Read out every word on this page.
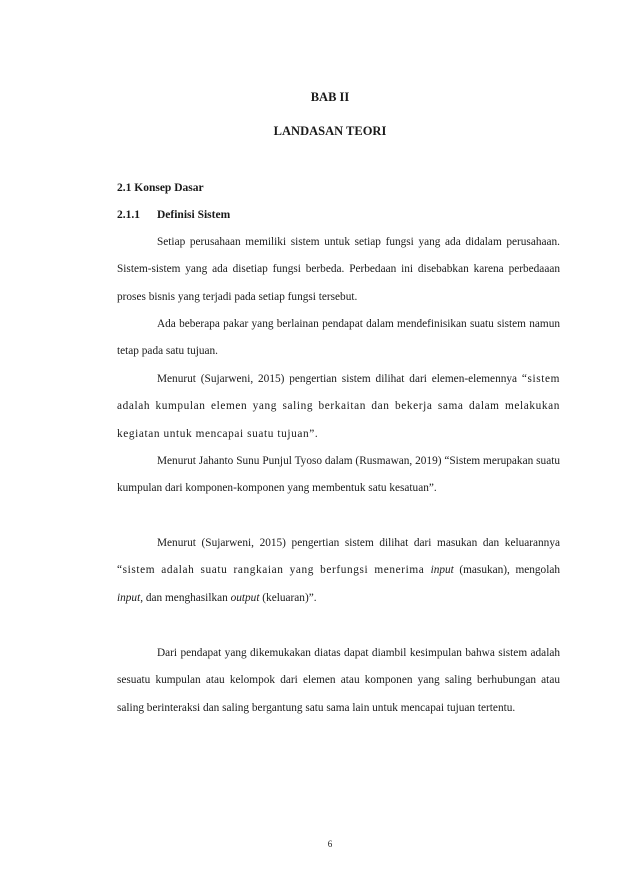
BAB II
LANDASAN TEORI
2.1 Konsep Dasar
2.1.1 Definisi Sistem

Setiap perusahaan memiliki sistem untuk setiap fungsi yang ada didalam perusahaan. Sistem-sistem yang ada disetiap fungsi berbeda. Perbedaan ini disebabkan karena perbedaaan proses bisnis yang terjadi pada setiap fungsi tersebut.

Ada beberapa pakar yang berlainan pendapat dalam mendefinisikan suatu sistem namun tetap pada satu tujuan.

Menurut (Sujarweni, 2015) pengertian sistem dilihat dari elemen-elemennya “sistem adalah kumpulan elemen yang saling berkaitan dan bekerja sama dalam melakukan kegiatan untuk mencapai suatu tujuan”.

Menurut Jahanto Sunu Punjul Tyoso dalam (Rusmawan, 2019) “Sistem merupakan suatu kumpulan dari komponen-komponen yang membentuk satu kesatuan”.

Menurut (Sujarweni, 2015) pengertian sistem dilihat dari masukan dan keluarannya “sistem adalah suatu rangkaian yang berfungsi menerima input (masukan), mengolah input, dan menghasilkan output (keluaran)”.

Dari pendapat yang dikemukakan diatas dapat diambil kesimpulan bahwa sistem adalah sesuatu kumpulan atau kelompok dari elemen atau komponen yang saling berhubungan atau saling berinteraksi dan saling bergantung satu sama lain untuk mencapai tujuan tertentu.

6
